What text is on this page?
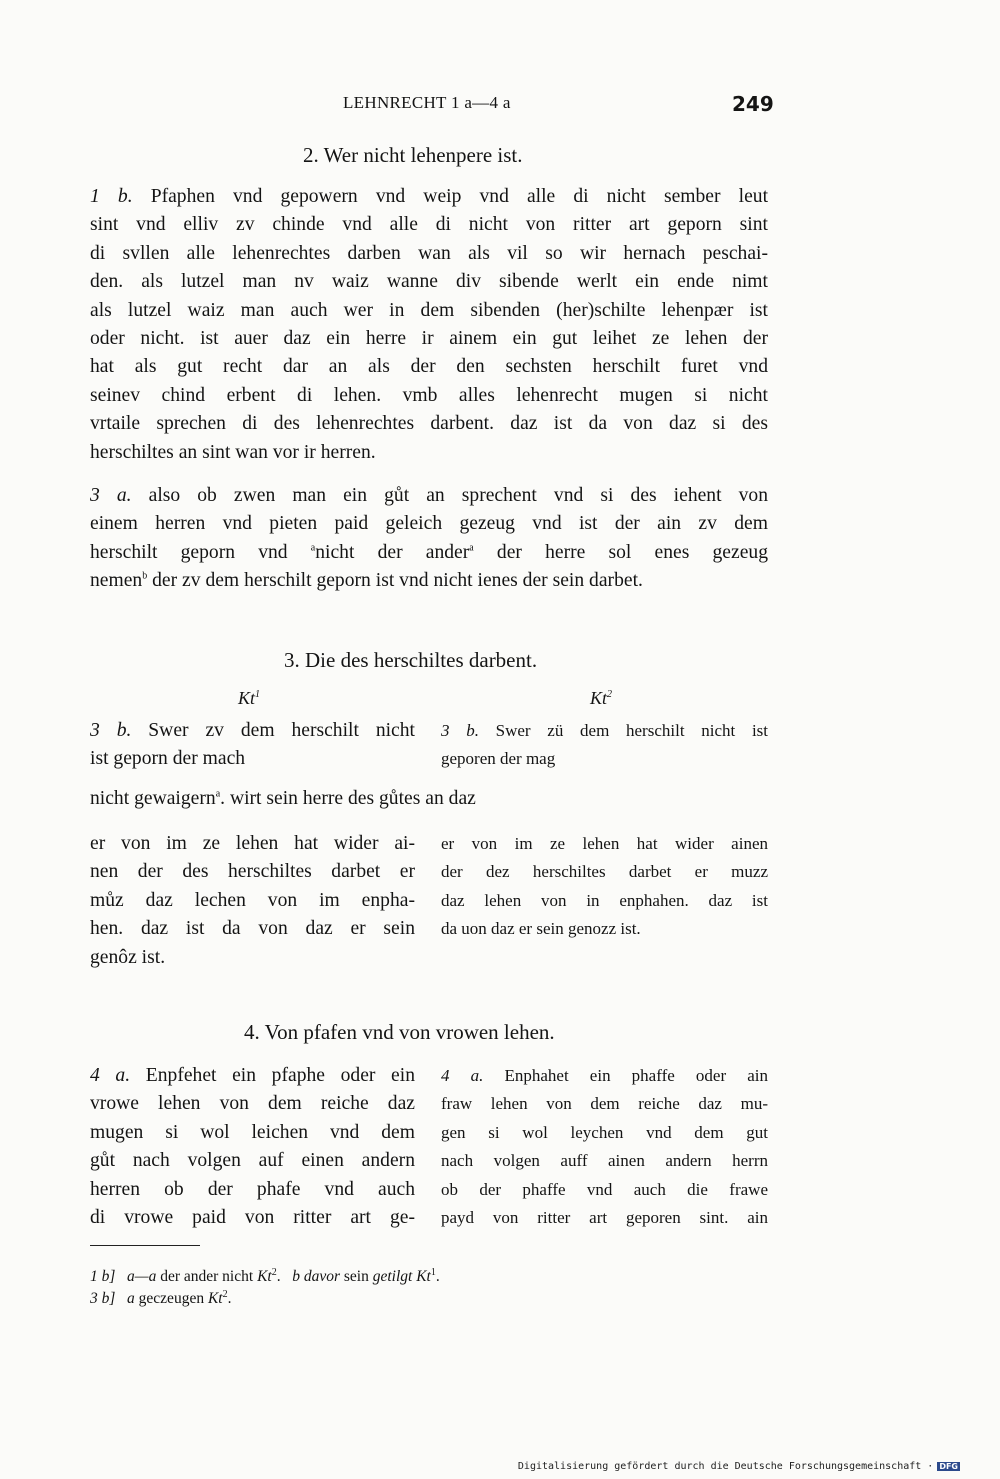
LEHNRECHT 1 a—4 a	249
2. Wer nicht lehenpere ist.
1 b. Pfaphen vnd gepowern vnd weip vnd alle di nicht sember leut
sint vnd elliv zv chinde vnd alle di nicht von ritter art geporn sint
di svllen alle lehenrechtes darben wan als vil so wir hernach peschai-
den. als lutzel man nv waiz wanne div sibende werlt ein ende nimt
als lutzel waiz man auch wer in dem sibenden (her)schilte lehenpær ist
oder nicht. ist auer daz ein herre ir ainem ein gut leihet ze lehen der
hat als gut recht dar an als der den sechsten herschilt furet vnd
seinev chind erbent di lehen. vmb alles lehenrecht mugen si nicht
vrtaile sprechen di des lehenrechtes darbent. daz ist da von daz si des
herschiltes an sint wan vor ir herren.
3 a. also ob zwen man ein gůt an sprechent vnd si des iehent von
einem herren vnd pieten paid geleich gezeug vnd ist der ain zv dem
herschilt geporn vnd $^a$nicht der ander$^a$ der herre sol enes gezeug
nemen$^b$ der zv dem herschilt geporn ist vnd nicht ienes der sein darbet.
3. Die des herschiltes darbent.
Kt$^1$	Kt$^2$
3 b. Swer zv dem herschilt nicht
ist geporn der mach
3 b. Swer zü dem herschilt nicht ist
geporen der mag
nicht gewaigern$^a$. wirt sein herre des gůtes an daz
er von im ze lehen hat wider ai-
nen der des herschiltes darbet er
můz daz lechen von im enpha-
hen. daz ist da von daz er sein
genôz ist.
er von im ze lehen hat wider ainen
der dez herschiltes darbet er muzz
daz lehen von in enphahen. daz ist
da uon daz er sein genozz ist.
4. Von pfafen vnd von vrowen lehen.
4 a. Enpfehet ein pfaphe oder ein
vrowe lehen von dem reiche daz
mugen si wol leichen vnd dem
gůt nach volgen auf einen andern
herren ob der phafe vnd auch
di vrowe paid von ritter art ge-
4 a. Enphahet ein phaffe oder ain
fraw lehen von dem reiche daz mu-
gen si wol leychen vnd dem gut
nach volgen auff ainen andern herrn
ob der phaffe vnd auch die frawe
payd von ritter art geporen sint. ain
1 b] a—a der ander nicht Kt$^2$.   b davor sein getilgt Kt$^1$.
3 b] a geczeugen Kt$^2$.
Digitalisierung gefördert durch die Deutsche Forschungsgemeinschaft · DFG
